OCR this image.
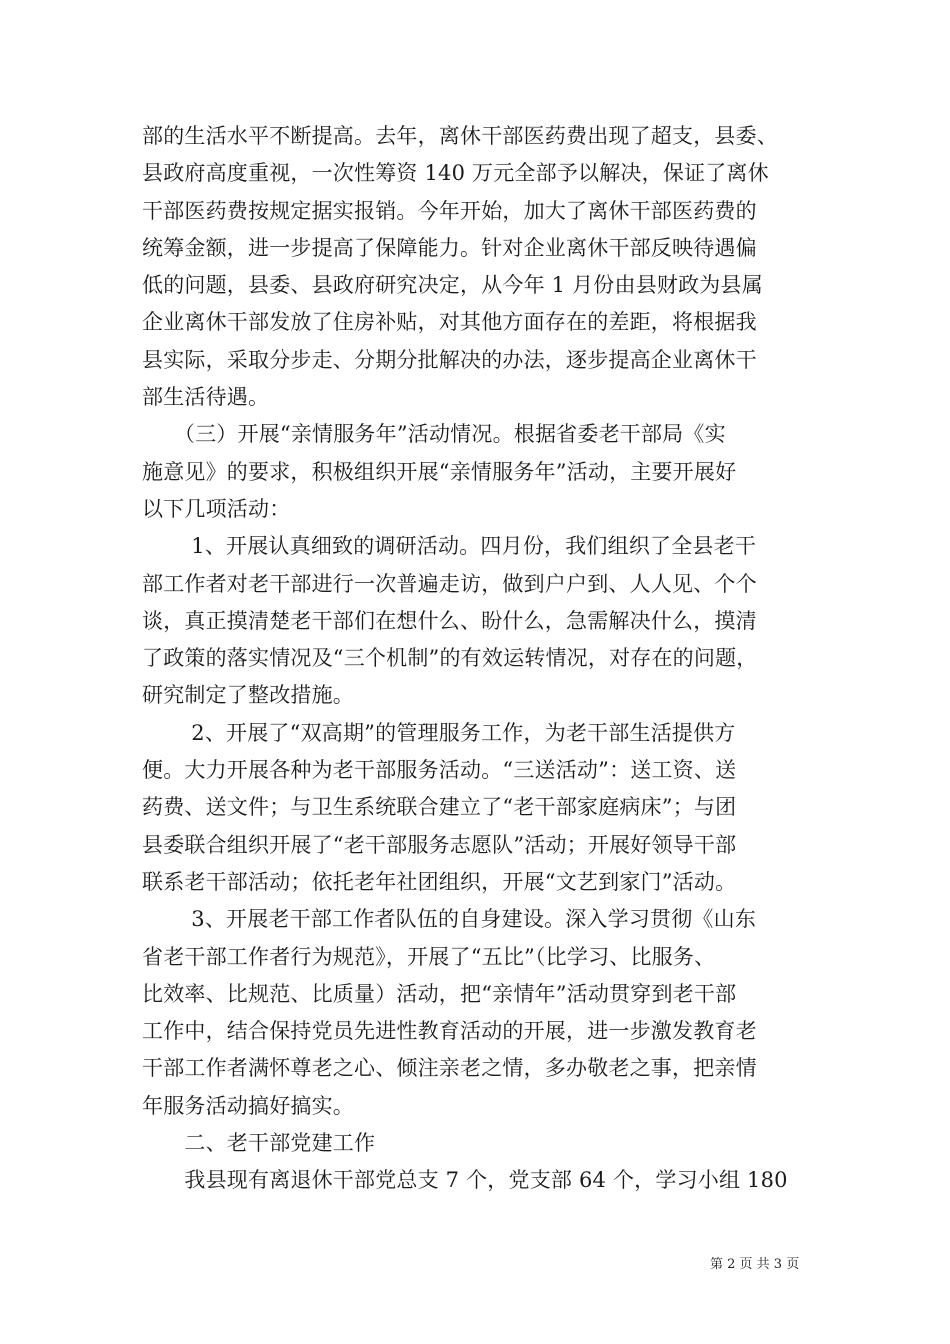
部的生活水平不断提高。去年，离休干部医药费出现了超支，县委、
县政府高度重视，一次性筹资 140 万元全部予以解决，保证了离休
干部医药费按规定据实报销。今年开始，加大了离休干部医药费的
统筹金额，进一步提高了保障能力。针对企业离休干部反映待遇偏
低的问题，县委、县政府研究决定，从今年 1 月份由县财政为县属
企业离休干部发放了住房补贴，对其他方面存在的差距，将根据我
县实际，采取分步走、分期分批解决的办法，逐步提高企业离休干
部生活待遇。
　　（三）开展“亲情服务年”活动情况。根据省委老干部局《实
施意见》的要求，积极组织开展“亲情服务年”活动，主要开展好
以下几项活动：
　　 1、开展认真细致的调研活动。四月份，我们组织了全县老干
部工作者对老干部进行一次普遍走访，做到户户到、人人见、个个
谈，真正摸清楚老干部们在想什么、盼什么，急需解决什么，摸清
了政策的落实情况及“三个机制”的有效运转情况，对存在的问题，
研究制定了整改措施。
　　 2、开展了“双高期”的管理服务工作，为老干部生活提供方
便。大力开展各种为老干部服务活动。“三送活动”：送工资、送
药费、送文件；与卫生系统联合建立了“老干部家庭病床”；与团
县委联合组织开展了“老干部服务志愿队”活动；开展好领导干部
联系老干部活动；依托老年社团组织，开展“文艺到家门”活动。
　　 3、开展老干部工作者队伍的自身建设。深入学习贯彻《山东
省老干部工作者行为规范》，开展了“五比”（比学习、比服务、
比效率、比规范、比质量）活动，把“亲情年”活动贯穿到老干部
工作中，结合保持党员先进性教育活动的开展，进一步激发教育老
干部工作者满怀尊老之心、倾注亲老之情，多办敬老之事，把亲情
年服务活动搞好搞实。
　　二、老干部党建工作
　　我县现有离退休干部党总支 7 个，党支部 64 个，学习小组 180
第 2 页 共 3 页
